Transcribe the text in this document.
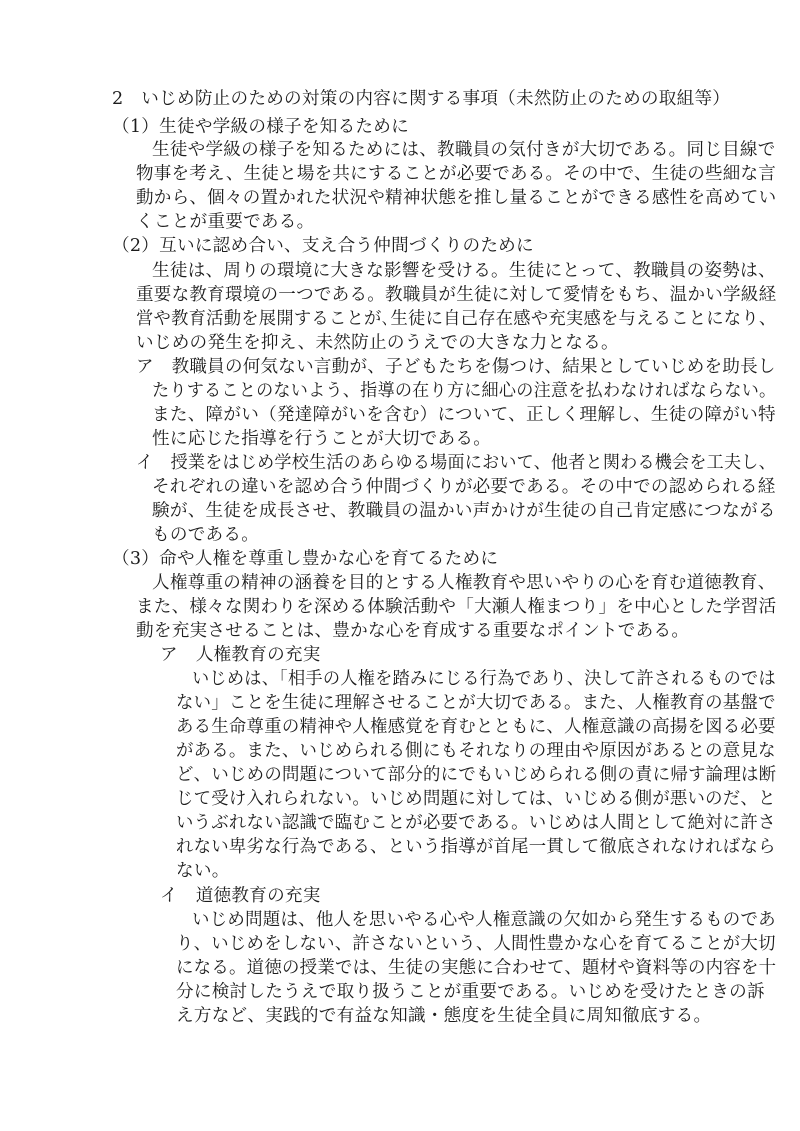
2　いじめ防止のための対策の内容に関する事項（未然防止のための取組等）
（1）生徒や学級の様子を知るために
生徒や学級の様子を知るためには、教職員の気付きが大切である。同じ目線で
物事を考え、生徒と場を共にすることが必要である。その中で、生徒の些細な言
動から、個々の置かれた状況や精神状態を推し量ることができる感性を高めてい
くことが重要である。
（2）互いに認め合い、支え合う仲間づくりのために
生徒は、周りの環境に大きな影響を受ける。生徒にとって、教職員の姿勢は、
重要な教育環境の一つである。教職員が生徒に対して愛情をもち、温かい学級経
営や教育活動を展開することが､生徒に自己存在感や充実感を与えることになり、
いじめの発生を抑え、未然防止のうえでの大きな力となる。
ア　教職員の何気ない言動が、子どもたちを傷つけ、結果としていじめを助長し
たりすることのないよう、指導の在り方に細心の注意を払わなければならない。
また、障がい（発達障がいを含む）について、正しく理解し、生徒の障がい特
性に応じた指導を行うことが大切である。
イ　授業をはじめ学校生活のあらゆる場面において、他者と関わる機会を工夫し、
それぞれの違いを認め合う仲間づくりが必要である。その中での認められる経
験が、生徒を成長させ、教職員の温かい声かけが生徒の自己肯定感につながる
ものである。
（3）命や人権を尊重し豊かな心を育てるために
人権尊重の精神の涵養を目的とする人権教育や思いやりの心を育む道徳教育、
また、様々な関わりを深める体験活動や「大瀬人権まつり」を中心とした学習活
動を充実させることは、豊かな心を育成する重要なポイントである。
ア　人権教育の充実
いじめは、「相手の人権を踏みにじる行為であり、決して許されるものでは
ない」ことを生徒に理解させることが大切である。また、人権教育の基盤で
ある生命尊重の精神や人権感覚を育むとともに、人権意識の高揚を図る必要
がある。また、いじめられる側にもそれなりの理由や原因があるとの意見な
ど、いじめの問題について部分的にでもいじめられる側の責に帰す論理は断
じて受け入れられない。いじめ問題に対しては、いじめる側が悪いのだ、と
いうぶれない認識で臨むことが必要である。いじめは人間として絶対に許さ
れない卑劣な行為である、という指導が首尾一貫して徹底されなければなら
ない。
イ　道徳教育の充実
いじめ問題は、他人を思いやる心や人権意識の欠如から発生するものであ
り、いじめをしない、許さないという、人間性豊かな心を育てることが大切
になる。道徳の授業では、生徒の実態に合わせて、題材や資料等の内容を十
分に検討したうえで取り扱うことが重要である。いじめを受けたときの訴
え方など、実践的で有益な知識・態度を生徒全員に周知徹底する。
